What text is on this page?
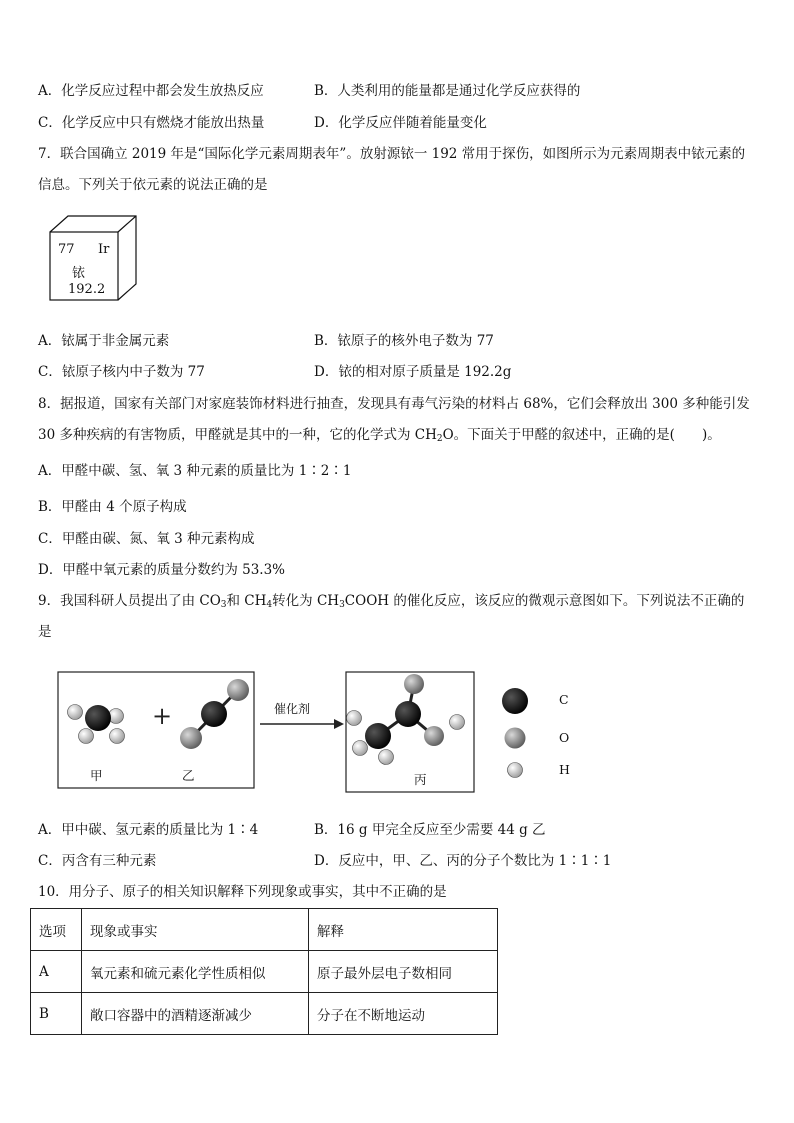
A．化学反应过程中都会发生放热反应	B．人类利用的能量都是通过化学反应获得的
C．化学反应中只有燃烧才能放出热量	D．化学反应伴随着能量变化
7．联合国确立 2019 年是“国际化学元素周期表年”。放射源铱一 192 常用于探伤，如图所示为元素周期表中铱元素的
信息。下列关于依元素的说法正确的是
77 Ir
铱
192.2
A．铱属于非金属元素	B．铱原子的核外电子数为 77
C．铱原子核内中子数为 77	D．铱的相对原子质量是 192.2g
8．据报道，国家有关部门对家庭装饰材料进行抽查，发现具有毒气污染的材料占 68%，它们会释放出 300 多种能引发
30 多种疾病的有害物质，甲醛就是其中的一种，它的化学式为 $CH_2O$。下面关于甲醛的叙述中，正确的是(　　)。
A．甲醛中碳、氢、氧 3 种元素的质量比为 1∶2∶1
B．甲醛由 4 个原子构成
C．甲醛由碳、氮、氧 3 种元素构成
D．甲醛中氧元素的质量分数约为 53.3%
9．我国科研人员提出了由 $CO_3$和 $CH_4$转化为 $CH_3COOH$ 的催化反应，该反应的微观示意图如下。下列说法不正确的
是
+
甲	乙	丙
催化剂
C
O
H
A．甲中碳、氢元素的质量比为 1∶4	B．16 g 甲完全反应至少需要 44 g 乙
C．丙含有三种元素	D．反应中，甲、乙、丙的分子个数比为 1∶1∶1
10．用分子、原子的相关知识解释下列现象或事实，其中不正确的是
选项	现象或事实	解释
A	氧元素和硫元素化学性质相似	原子最外层电子数相同
B	敞口容器中的酒精逐渐减少	分子在不断地运动
